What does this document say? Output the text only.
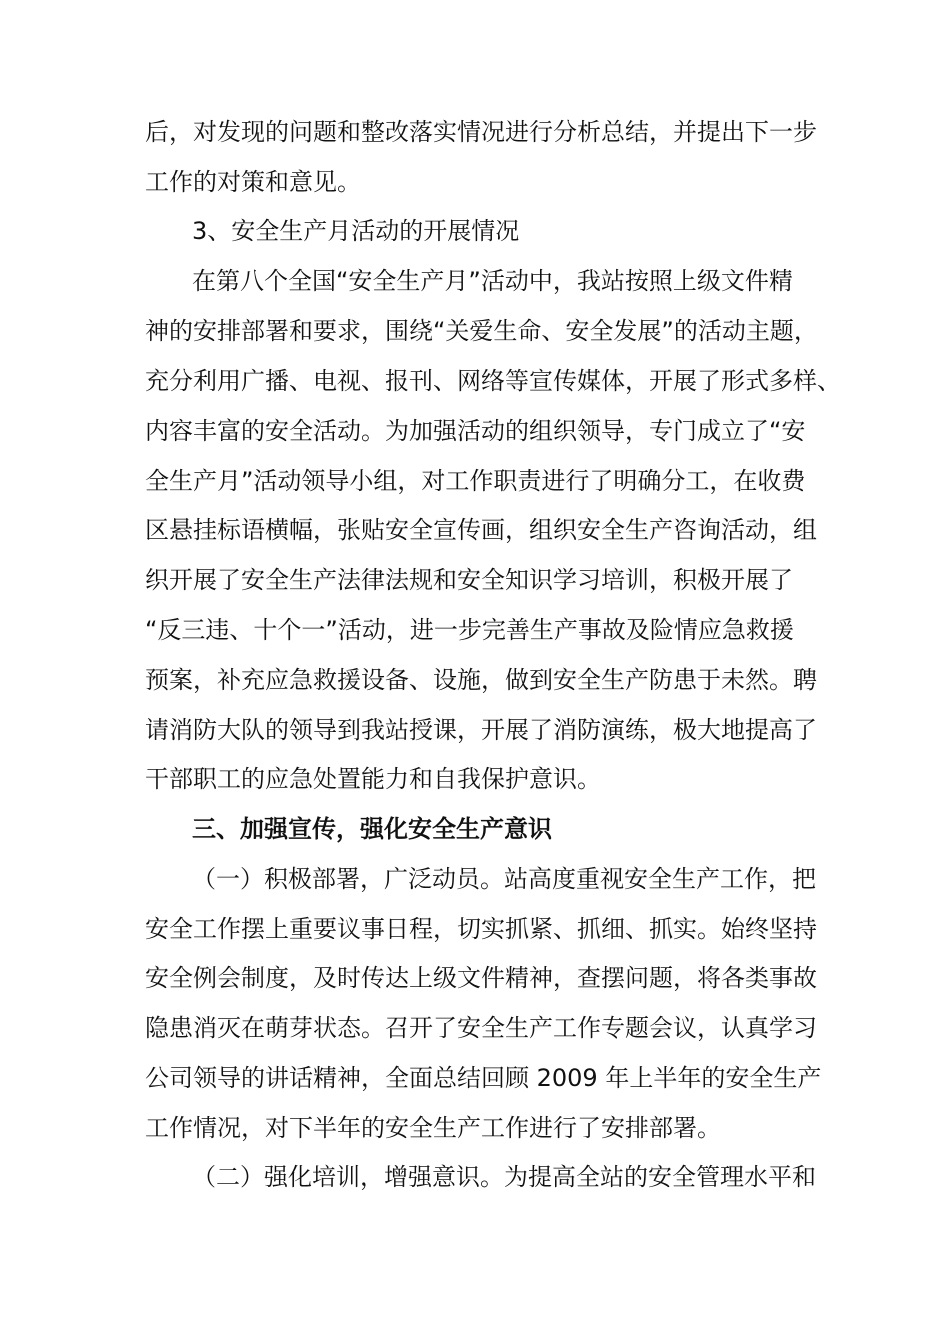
后，对发现的问题和整改落实情况进行分析总结，并提出下一步
工作的对策和意见。
3、安全生产月活动的开展情况
在第八个全国“安全生产月”活动中，我站按照上级文件精
神的安排部署和要求，围绕“关爱生命、安全发展”的活动主题，
充分利用广播、电视、报刊、网络等宣传媒体，开展了形式多样、
内容丰富的安全活动。为加强活动的组织领导，专门成立了“安
全生产月”活动领导小组，对工作职责进行了明确分工，在收费
区悬挂标语横幅，张贴安全宣传画，组织安全生产咨询活动，组
织开展了安全生产法律法规和安全知识学习培训，积极开展了
“反三违、十个一”活动，进一步完善生产事故及险情应急救援
预案，补充应急救援设备、设施，做到安全生产防患于未然。聘
请消防大队的领导到我站授课，开展了消防演练，极大地提高了
干部职工的应急处置能力和自我保护意识。
三、加强宣传，强化安全生产意识
（一）积极部署，广泛动员。站高度重视安全生产工作，把
安全工作摆上重要议事日程，切实抓紧、抓细、抓实。始终坚持
安全例会制度，及时传达上级文件精神，查摆问题，将各类事故
隐患消灭在萌芽状态。召开了安全生产工作专题会议，认真学习
公司领导的讲话精神，全面总结回顾 2009 年上半年的安全生产
工作情况，对下半年的安全生产工作进行了安排部署。
（二）强化培训，增强意识。为提高全站的安全管理水平和
